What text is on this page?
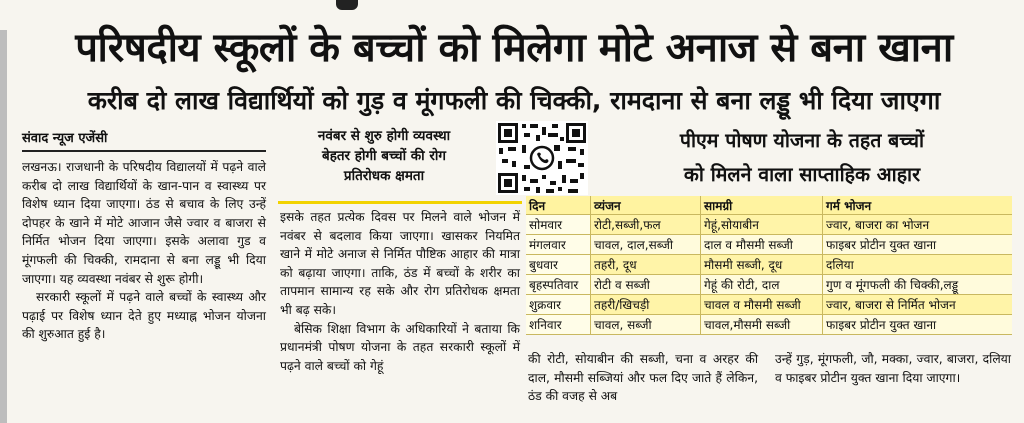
परिषदीय स्कूलों के बच्चों को मिलेगा मोटे अनाज से बना खाना
करीब दो लाख विद्यार्थियों को गुड़ व मूंगफली की चिक्की, रामदाना से बना लड्डू भी दिया जाएगा
संवाद न्यूज एजेंसी

लखनऊ। राजधानी के परिषदीय विद्यालयों में पढ़ने वाले करीब दो लाख विद्यार्थियों के खान-पान व स्वास्थ्य पर विशेष ध्यान दिया जाएगा। ठंड से बचाव के लिए उन्हें दोपहर के खाने में मोटे आजान जैसे ज्वार व बाजरा से निर्मित भोजन दिया जाएगा। इसके अलावा गुड व मूंगफली की चिक्की, रामदाना से बना लड्डू भी दिया जाएगा। यह व्यवस्था नवंबर से शुरू होगी।

सरकारी स्कूलों में पढ़ने वाले बच्चों के स्वास्थ्य और पढ़ाई पर विशेष ध्यान देते हुए मध्याह्न भोजन योजना की शुरुआत हुई है।

नवंबर से शुरु होगी व्यवस्था
बेहतर होगी बच्चों की रोग
प्रतिरोधक क्षमता
पीएम पोषण योजना के तहत बच्चों
को मिलने वाला साप्ताहिक आहार
दिन	व्यंजन	सामग्री	गर्म भोजन
सोमवार	रोटी,सब्जी,फल	गेहूं,सोयाबीन	ज्वार, बाजरा का भोजन
मंगलवार	चावल, दाल,सब्जी	दाल व मौसमी सब्जी	फाइबर प्रोटीन युक्त खाना
बुधवार	तहरी, दूध	मौसमी सब्जी, दूध	दलिया
बृहस्पतिवार	रोटी व सब्जी	गेहूं की रोटी, दाल	गुण व मूंगफली की चिक्की,लड्डू
शुक्रवार	तहरी/खिचड़ी	चावल व मौसमी सब्जी	ज्वार, बाजरा से निर्मित भोजन
शनिवार	चावल, सब्जी	चावल,मौसमी सब्जी	फाइबर प्रोटीन युक्त खाना

इसके तहत प्रत्येक दिवस पर मिलने वाले भोजन में नवंबर से बदलाव किया जाएगा। खासकर नियमित खाने में मोटे अनाज से निर्मित पौष्टिक आहार की मात्रा को बढ़ाया जाएगा। ताकि, ठंड में बच्चों के शरीर का तापमान सामान्य रह सके और रोग प्रतिरोधक क्षमता भी बढ़ सके।

बेसिक शिक्षा विभाग के अधिकारियों ने बताया कि प्रधानमंत्री पोषण योजना के तहत सरकारी स्कूलों में पढ़ने वाले बच्चों को गेहूं	की रोटी, सोयाबीन की सब्जी, चना व अरहर की दाल, मौसमी सब्जियां और फल दिए जाते हैं लेकिन, ठंड की वजह से अब

उन्हें गुड़, मूंगफली, जौ, मक्का, ज्वार, बाजरा, दलिया व फाइबर प्रोटीन युक्त खाना दिया जाएगा।
